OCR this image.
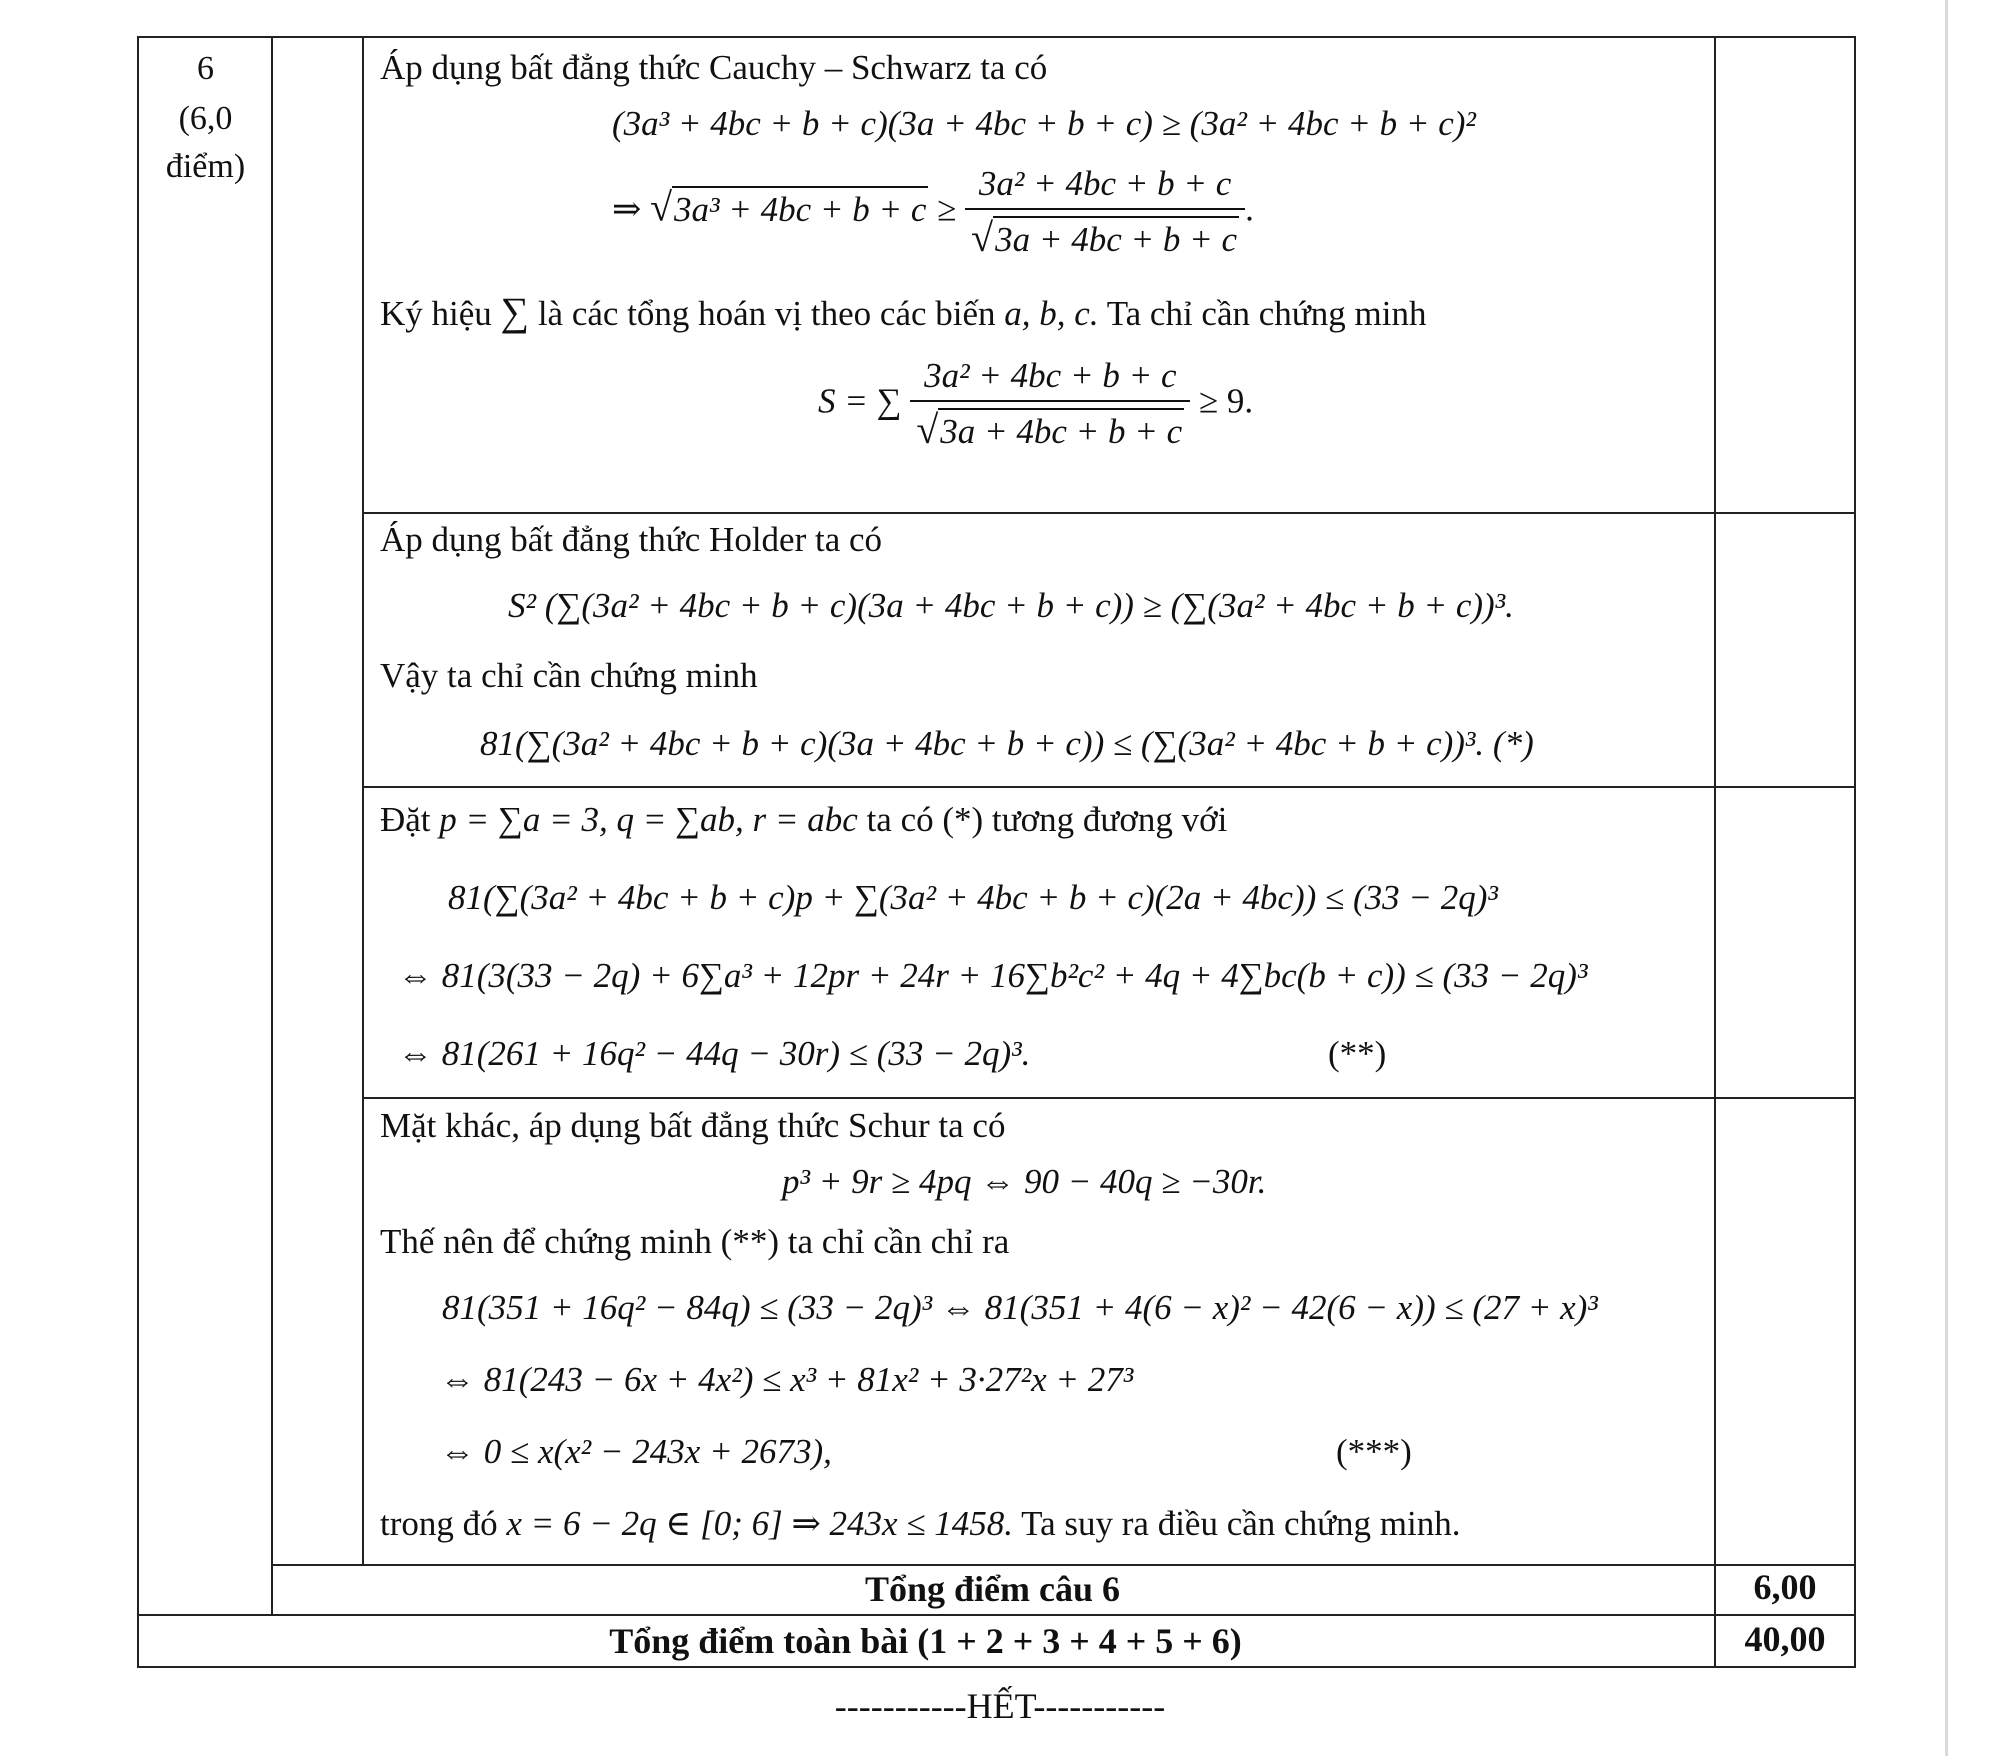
6
(6,0
điểm)
Áp dụng bất đẳng thức Cauchy – Schwarz ta có
(3a³ + 4bc + b + c)(3a + 4bc + b + c) ≥ (3a² + 4bc + b + c)²
⇒ $√3a^3 + 4bc + b + c \ge \frac{\text{3a² + 4bc + b + c}}{√3a + 4bc + b + c}$ .
Ký hiệu ∑ là các tổng hoán vị theo các biến a, b, c. Ta chỉ cần chứng minh
S = ∑ $\frac{\text{3a² + 4bc + b + c}}{√3a + 4bc + b + c} \ge 9$.
Áp dụng bất đẳng thức Holder ta có
S² (∑(3a² + 4bc + b + c)(3a + 4bc + b + c)) ≥ (∑(3a² + 4bc + b + c))³.
Vậy ta chỉ cần chứng minh
81(∑(3a² + 4bc + b + c)(3a + 4bc + b + c)) ≤ (∑(3a² + 4bc + b + c))³. (*)
Đặt p = ∑a = 3, q = ∑ab, r = abc ta có (*) tương đương với
81(∑(3a² + 4bc + b + c)p + ∑(3a² + 4bc + b + c)(2a + 4bc)) ≤ (33 − 2q)³
⇔ 81(3(33 − 2q) + 6∑a³ + 12pr + 24r + 16∑b²c² + 4q + 4∑bc(b + c)) ≤ (33 − 2q)³
⇔ 81(261 + 16q² − 44q − 30r) ≤ (33 − 2q)³.	(**)
Mặt khác, áp dụng bất đẳng thức Schur ta có
p³ + 9r ≥ 4pq ⇔ 90 − 40q ≥ −30r.
Thế nên để chứng minh (**) ta chỉ cần chỉ ra
81(351 + 16q² − 84q) ≤ (33 − 2q)³ ⇔ 81(351 + 4(6 − x)² − 42(6 − x)) ≤ (27 + x)³
⇔ 81(243 − 6x + 4x²) ≤ x³ + 81x² + 3·27²x + 27³
⇔ 0 ≤ x(x² − 243x + 2673),	(***)
trong đó x = 6 − 2q ∈ [0; 6] ⇒ 243x ≤ 1458. Ta suy ra điều cần chứng minh.
Tổng điểm câu 6	6,00
Tổng điểm toàn bài (1 + 2 + 3 + 4 + 5 + 6)	40,00
-----------HẾT-----------
